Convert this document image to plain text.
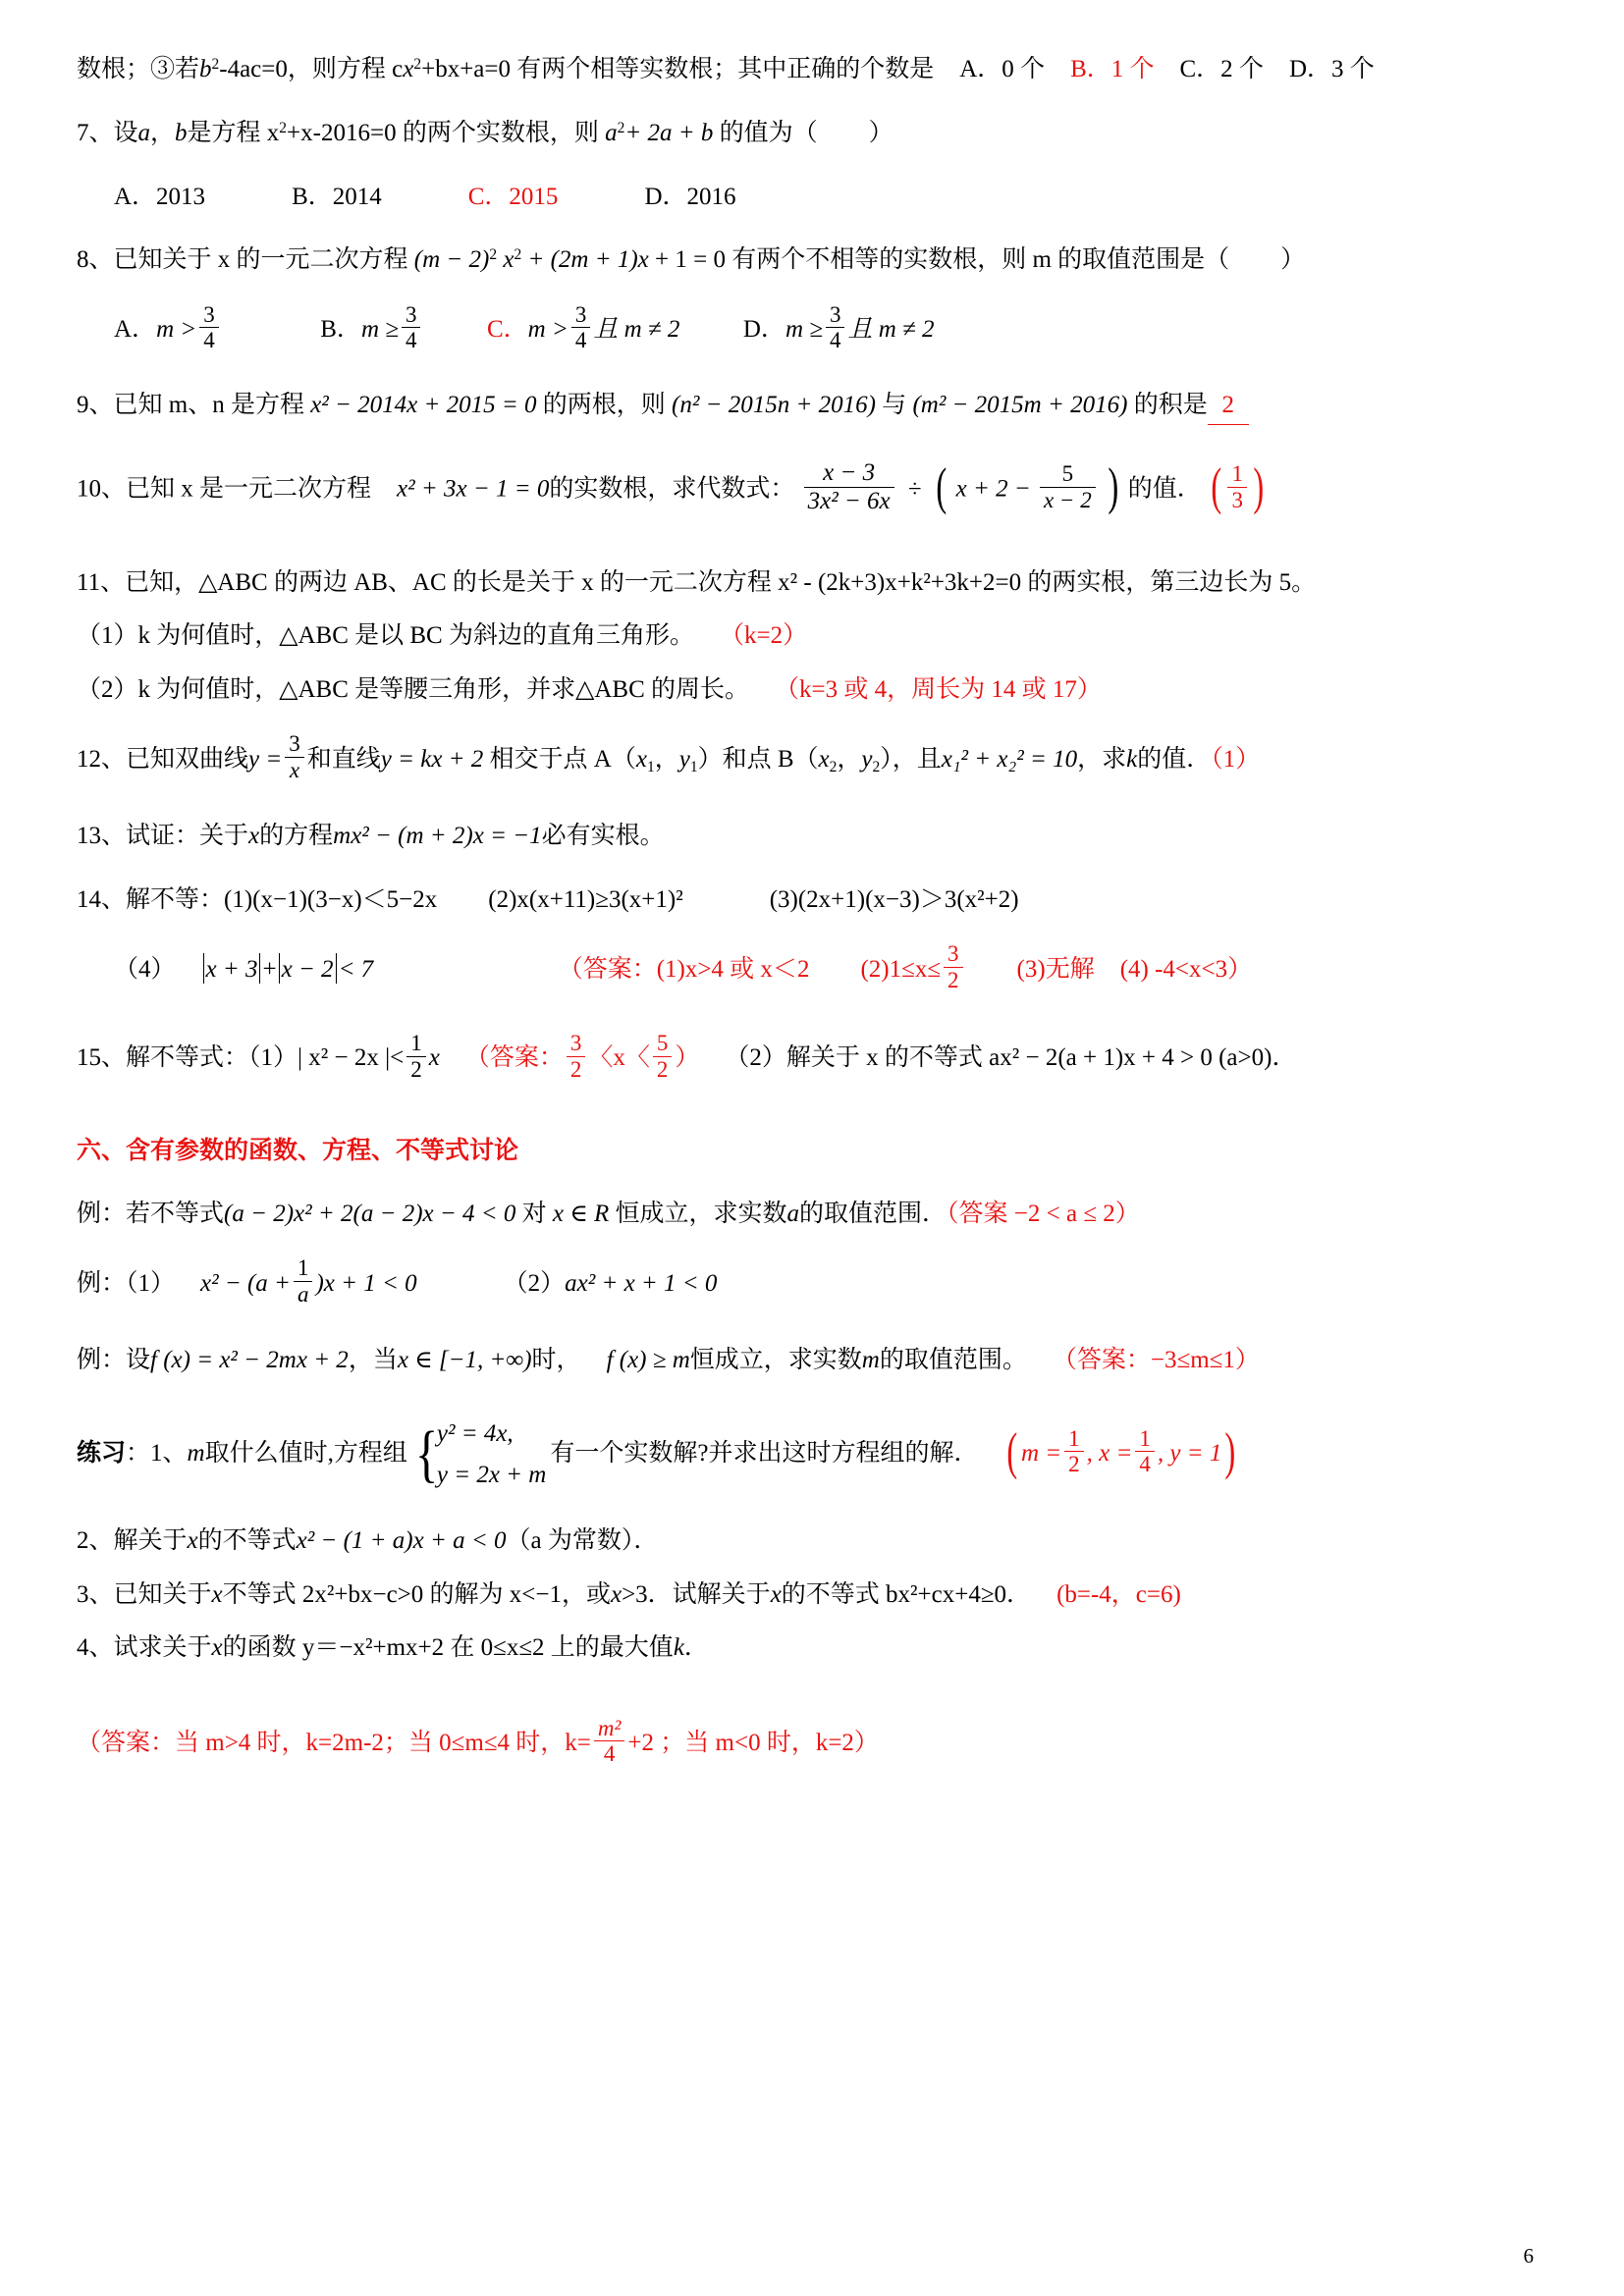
数根；③若$b^2-4ac=0$，则方程 $cx^2+bx+a=0$ 有两个相等实数根；其中正确的个数是 A．0 个 B．1 个 C．2 个 D．3 个
7、设a，b是方程 $x^2+x-2016=0$ 的两个实数根，则 $a^2+ 2a + b$ 的值为（ ）
A．2013	B．2014	C．2015	D．2016
8、已知关于 x 的一元二次方程 $(m - 2)^2$ $x^2 + (2m + 1)x + 1 = 0$ 有两个不相等的实数根，则 m 的取值范围是（ ）
A．$m > \frac{3}{4}$	B．$m \ge \frac{3}{4}$	C．$m > \frac{3}{4}$ 且 m ≠ 2	D．$m \ge \frac{3}{4}$ 且 m ≠ 2
9、已知 m、n 是方程 x² − 2014x + 2015 = 0 的两根，则 (n² − 2015n + 2016) 与 (m² − 2015m + 2016) 的积是 2
10、已知 x 是一元二次方程 x² + 3x − 1 = 0的实数根，求代数式： $\frac{x - 3}{\text{3x² − 6x}}$ ÷ ( $x + 2 - \frac{5}{x - 2}$ ) 的值． ( $\frac{1}{3}$ )
11、已知，△ABC 的两边 AB、AC 的长是关于 x 的一元二次方程 x² - (2k+3)x+k²+3k+2=0 的两实根，第三边长为 5。
（1）k 为何值时，△ABC 是以 BC 为斜边的直角三角形。 （k=2）
（2）k 为何值时，△ABC 是等腰三角形，并求△ABC 的周长。 （k=3 或 4，周长为 14 或 17）
12、已知双曲线$y = \frac{3}{x}$ 和直线y = kx + 2 相交于点 $A(x_1$，$y_1$）和点 $B(x_2$，$y_2$），且x₁² + x₂² = 10，求k的值．（1）
13、试证：关于x的方程mx² − (m + 2)x = −1必有实根。
14、解不等：(1)(x−1)(3−x)＜5−2x (2)x(x+11)≥3(x+1)²	(3)(2x+1)(x−3)＞3(x²+2)
（4） x + 3 + x − 2 < 7	（答案：(1)x>4 或 x＜2 $(2)1\le x\le \frac{3}{2} (3)$无解 (4) -4<x<3）
15、解不等式：（1）| x² − 2x |< $\frac{1}{2}$ x （答案： $\frac{3}{2}$ 〈x〈 $\frac{5}{2}$ ） （2）解关于 x 的不等式 ax² − 2(a + 1)x + 4 > 0 (a>0)．
六、含有参数的函数、方程、不等式讨论
例：若不等式(a − 2)x² + 2(a − 2)x − 4 < 0 对 x ∈ R 恒成立，求实数a的取值范围．（答案 −2 < a ≤ 2）
例：（1） $x^2 - (a + \frac{1}{a} )x + 1 < 0$	（2）ax² + x + 1 < 0
例：设f (x) = x² − 2mx + 2，当x ∈ [−1, +∞)时， f (x) ≥ m恒成立，求实数m的取值范围。 （答案：−3≤m≤1）
练习：1、m取什么值时,方程组
{ y² = 4x,
y = 2x + m
有一个实数解?并求出这时方程组的解． ( $m = \frac{1}{2}$ , $x = \frac{1}{4}$ , y = 1)
2、解关于x的不等式x² − (1 + a)x + a < 0（a 为常数）．
3、已知关于x不等式 2x²+bx−c>0 的解为 x<−1，或x>3．试解关于x的不等式 bx²+cx+4≥0． (b=-4，c=6)
4、试求关于x的函数 y＝−x²+mx+2 在 0≤x≤2 上的最大值k．
（答案：当 m>4 时，k=2m-2；当 0≤m≤4 时，$k= \frac{\text{m²}}{4} +2$ ；当 m<0 时，k=2）
6
